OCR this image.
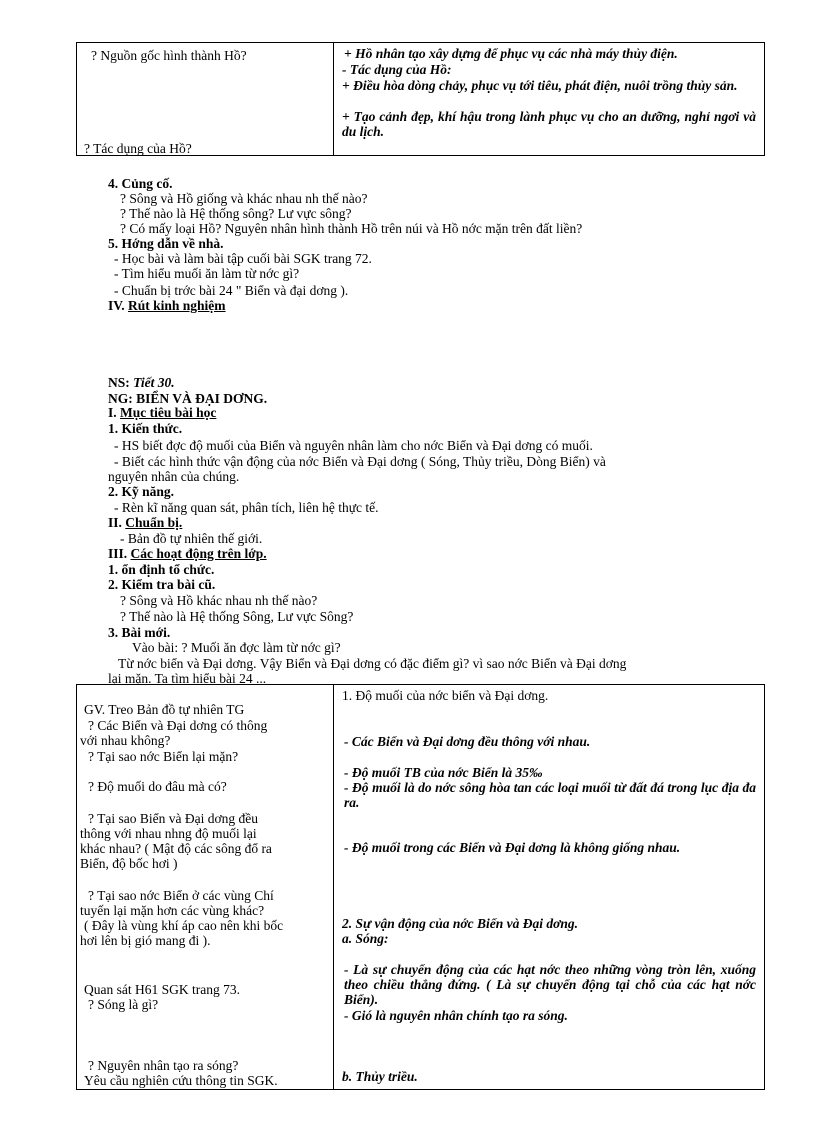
? Nguồn gốc hình thành Hồ?
? Tác dụng của Hồ?
+ Hồ nhân tạo xây dựng để phục vụ các nhà máy thủy điện.
- Tác dụng của Hồ:
+ Điều hòa dòng chảy, phục vụ tới tiêu, phát điện, nuôi trồng thủy sản.
+ Tạo cảnh đẹp, khí hậu trong lành phục vụ cho an dưỡng, nghỉ ngơi và du lịch.
4. Củng cố.
? Sông và Hồ giống và khác nhau nh thế nào?
? Thế nào là Hệ thống sông? Lư vực sông?
? Có mấy loại Hồ? Nguyên nhân hình thành Hồ trên núi và Hồ nớc mặn trên đất liền?
5. Hớng dẫn về nhà.
- Học bài và làm bài tập cuối bài SGK trang 72.
- Tìm hiểu muối ăn làm từ nớc gì?
- Chuẩn bị trớc bài 24 " Biển và đại dơng ).
IV. Rút kinh nghiệm
NS: Tiết 30.
NG: BIỂN VÀ ĐẠI DƠNG.
I. Mục tiêu bài học
1. Kiến thức.
- HS biết đợc độ muối của Biển và nguyên nhân làm cho nớc Biển và Đại dơng có muối.
- Biết các hình thức vận động của nớc Biển và Đại dơng ( Sóng, Thủy triều, Dòng Biển) và
nguyên nhân của chúng.
2. Kỹ năng.
- Rèn kĩ năng quan sát, phân tích, liên hệ thực tế.
II. Chuẩn bị.
- Bản đồ tự nhiên thế giới.
III. Các hoạt động trên lớp.
1. ổn định tổ chức.
2. Kiểm tra bài cũ.
? Sông và Hồ khác nhau nh thế nào?
? Thế nào là Hệ thống Sông, Lư vực Sông?
3. Bài mới.
Vào bài: ? Muối ăn đợc làm từ nớc gì?
Từ nớc biển và Đại dơng. Vậy Biển và Đại dơng có đặc điểm gì? vì sao nớc Biển và Đại dơng
lại mặn. Ta tìm hiểu bài 24 ...
GV. Treo Bản đồ tự nhiên TG
? Các Biển và Đại dơng có thông
với nhau không?
? Tại sao nớc Biển lại mặn?
? Độ muối do đâu mà có?
? Tại sao Biển và Đại dơng đều
thông với nhau nhng độ muối lại
khác nhau? ( Mật độ các sông đổ ra
Biển, độ bốc hơi )
? Tại sao nớc Biển ở các vùng Chí
tuyến lại mặn hơn các vùng khác?
( Đây là vùng khí áp cao nên khi bốc
hơi lên bị gió mang đi ).
Quan sát H61 SGK trang 73.
? Sóng là gì?
? Nguyên nhân tạo ra sóng?
Yêu cầu nghiên cứu thông tin SGK.
1. Độ muối của nớc biển và Đại dơng.
- Các Biển và Đại dơng đều thông với nhau.
- Độ muối TB của nớc Biển là 35‰
- Độ muối là do nớc sông hòa tan các loại muối từ đất đá trong lục địa đa ra.
- Độ muối trong các Biển và Đại dơng là không giống nhau.
2. Sự vận động của nớc Biển và Đại dơng.
a. Sóng:
- Là sự chuyển động của các hạt nớc theo những vòng tròn lên, xuống theo chiều thẳng đứng. ( Là sự chuyển động tại chỗ của các hạt nớc Biển).
- Gió là nguyên nhân chính tạo ra sóng.
b. Thủy triều.
